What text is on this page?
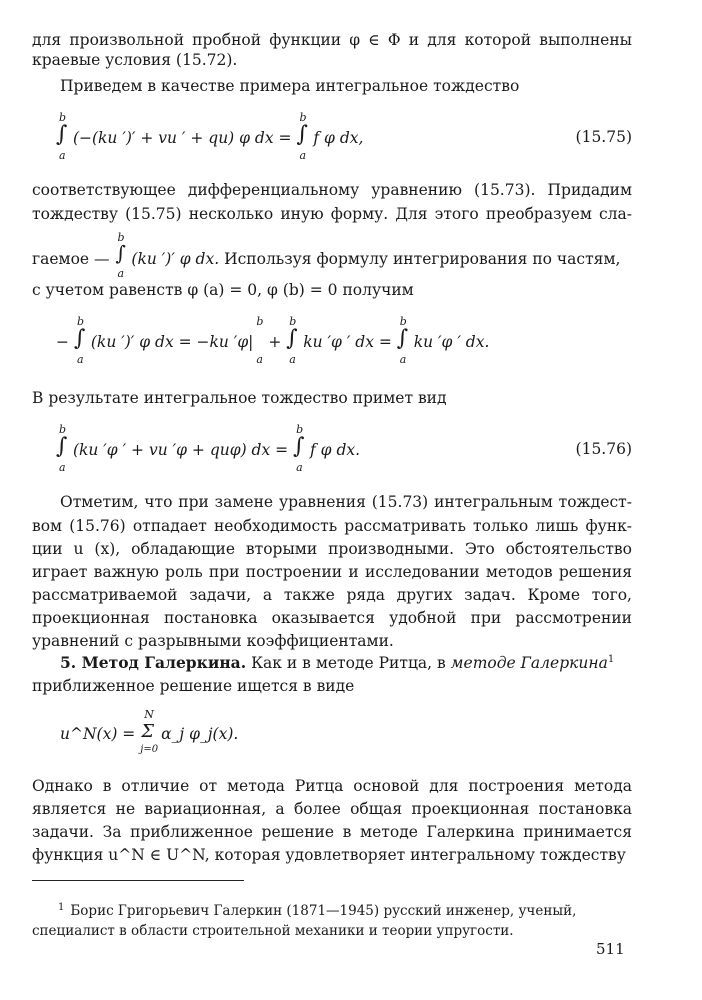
для произвольной пробной функции φ ∈ Φ и для которой выполнены
краевые условия (15.72).
Приведем в качестве примера интегральное тождество
b
∫
a
(−(ku ′)′ + vu ′ + qu) φ dx =
b
∫
a
f φ dx,	(15.75)
соответствующее дифференциальному уравнению (15.73). Придадим
тождеству (15.75) несколько иную форму. Для этого преобразуем сла-
гаемое —
b
∫
a
(ku ′)′ φ dx. Используя формулу интегрирования по частям,
с учетом равенств φ (a) = 0, φ (b) = 0 получим
−
b
∫
a
(ku ′)′ φ dx = −ku ′φ|
b
a
+
b
∫
a
ku ′φ ′ dx =
b
∫
a
ku ′φ ′ dx.
В результате интегральное тождество примет вид
b
∫
a
(ku ′φ ′ + vu ′φ + quφ) dx =
b
∫
a
f φ dx.	(15.76)
Отметим, что при замене уравнения (15.73) интегральным тождест-
вом (15.76) отпадает необходимость рассматривать только лишь функ-
ции u (x), обладающие вторыми производными. Это обстоятельство
играет важную роль при построении и исследовании методов решения
рассматриваемой задачи, а также ряда других задач. Кроме того,
проекционная постановка оказывается удобной при рассмотрении
уравнений с разрывными коэффициентами.
5. Метод Галеркина. Как и в методе Ритца, в методе Галеркина$^1$
приближенное решение ищется в виде
u^N(x) =
N
Σ
j=0
α_j φ_j(x).
Однако в отличие от метода Ритца основой для построения метода
является не вариационная, а более общая проекционная постановка
задачи. За приближенное решение в методе Галеркина принимается
функция u^N ∈ U^N, которая удовлетворяет интегральному тождеству
$^1$ Борис Григорьевич Галеркин (1871—1945) русский инженер, ученый,
специалист в области строительной механики и теории упругости.
511
